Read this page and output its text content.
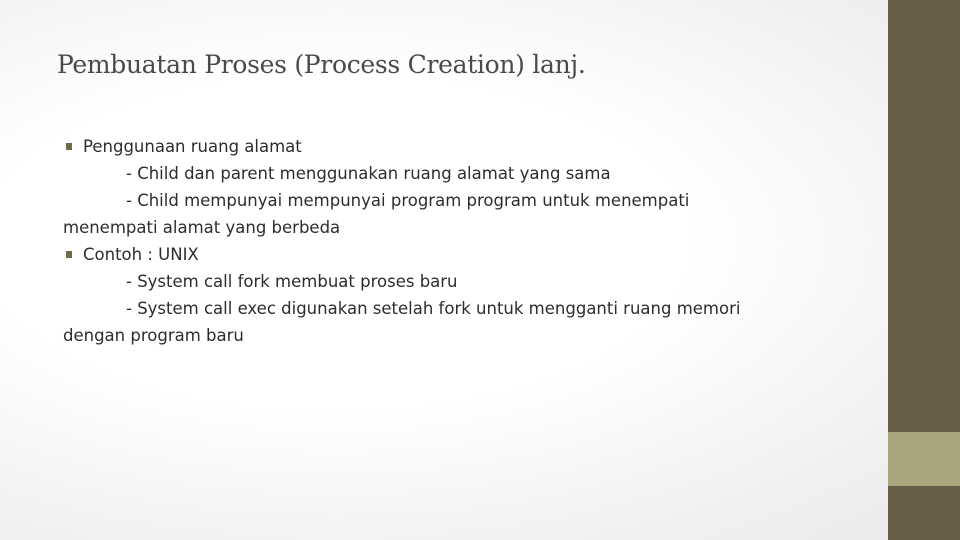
Pembuatan Proses (Process Creation) lanj.
Penggunaan ruang alamat
- Child dan parent menggunakan ruang alamat yang sama
- Child mempunyai mempunyai program program untuk menempati
menempati alamat yang berbeda
Contoh : UNIX
- System call fork membuat proses baru
- System call exec digunakan setelah fork untuk mengganti ruang memori
dengan program baru
